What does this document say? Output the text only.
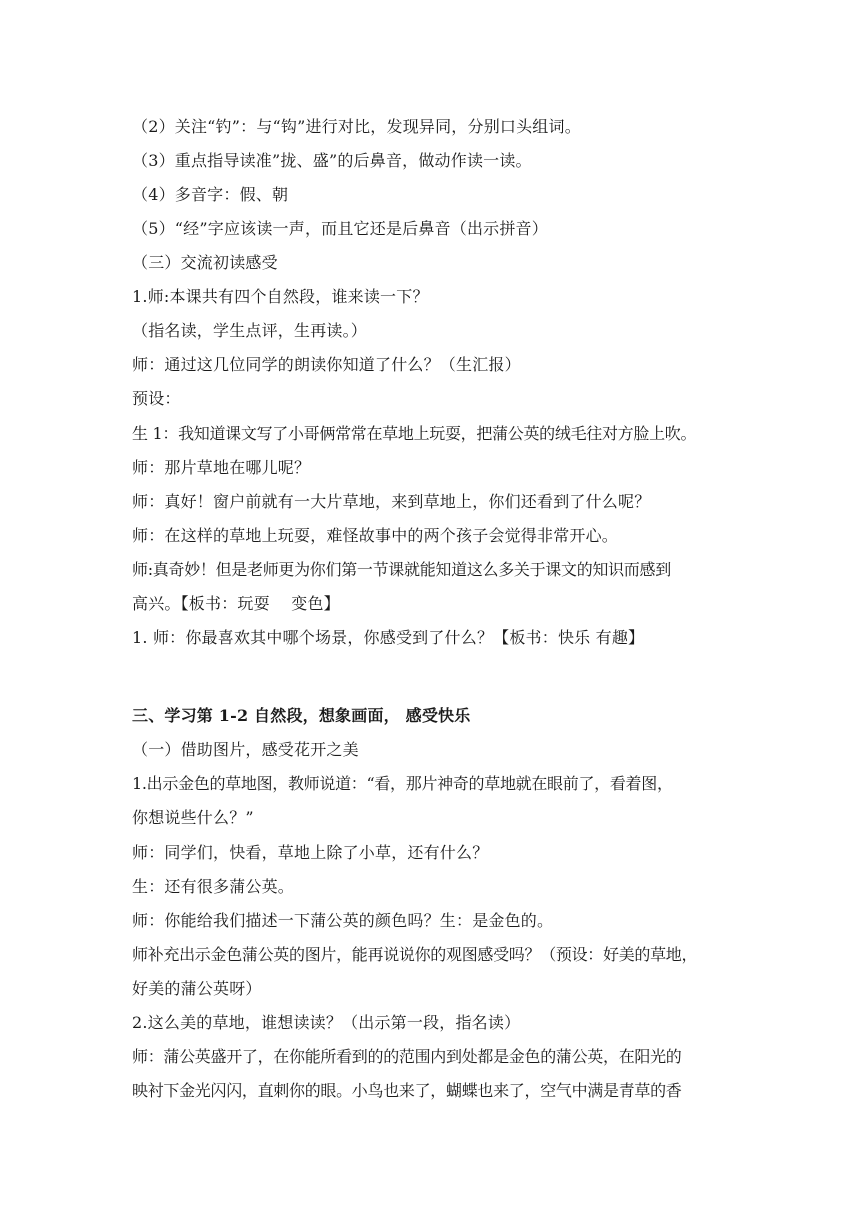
（2）关注“钓”：与“钩”进行对比，发现异同，分别口头组词。
（3）重点指导读准”拢、盛”的后鼻音，做动作读一读。
（4）多音字：假、朝
（5）“经”字应该读一声，而且它还是后鼻音（出示拼音）
（三）交流初读感受
1.师:本课共有四个自然段，谁来读一下？
（指名读，学生点评，生再读。）
师：通过这几位同学的朗读你知道了什么？（生汇报）
预设：
生 1：我知道课文写了小哥俩常常在草地上玩耍，把蒲公英的绒毛往对方脸上吹。
师：那片草地在哪儿呢？
师：真好！窗户前就有一大片草地，来到草地上，你们还看到了什么呢？
师：在这样的草地上玩耍，难怪故事中的两个孩子会觉得非常开心。
师:真奇妙！但是老师更为你们第一节课就能知道这么多关于课文的知识而感到
高兴。【板书：玩耍　 变色】
1. 师：你最喜欢其中哪个场景，你感受到了什么？【板书：快乐 有趣】
三、学习第 1-2 自然段，想象画面， 感受快乐
（一）借助图片，感受花开之美
1.出示金色的草地图，教师说道：“看，那片神奇的草地就在眼前了，看着图，
你想说些什么？”
师：同学们，快看，草地上除了小草，还有什么？
生：还有很多蒲公英。
师：你能给我们描述一下蒲公英的颜色吗？生：是金色的。
师补充出示金色蒲公英的图片，能再说说你的观图感受吗？（预设：好美的草地，
好美的蒲公英呀）
2.这么美的草地，谁想读读？（出示第一段，指名读）
师：蒲公英盛开了，在你能所看到的的范围内到处都是金色的蒲公英，在阳光的
映衬下金光闪闪，直刺你的眼。小鸟也来了，蝴蝶也来了，空气中满是青草的香
